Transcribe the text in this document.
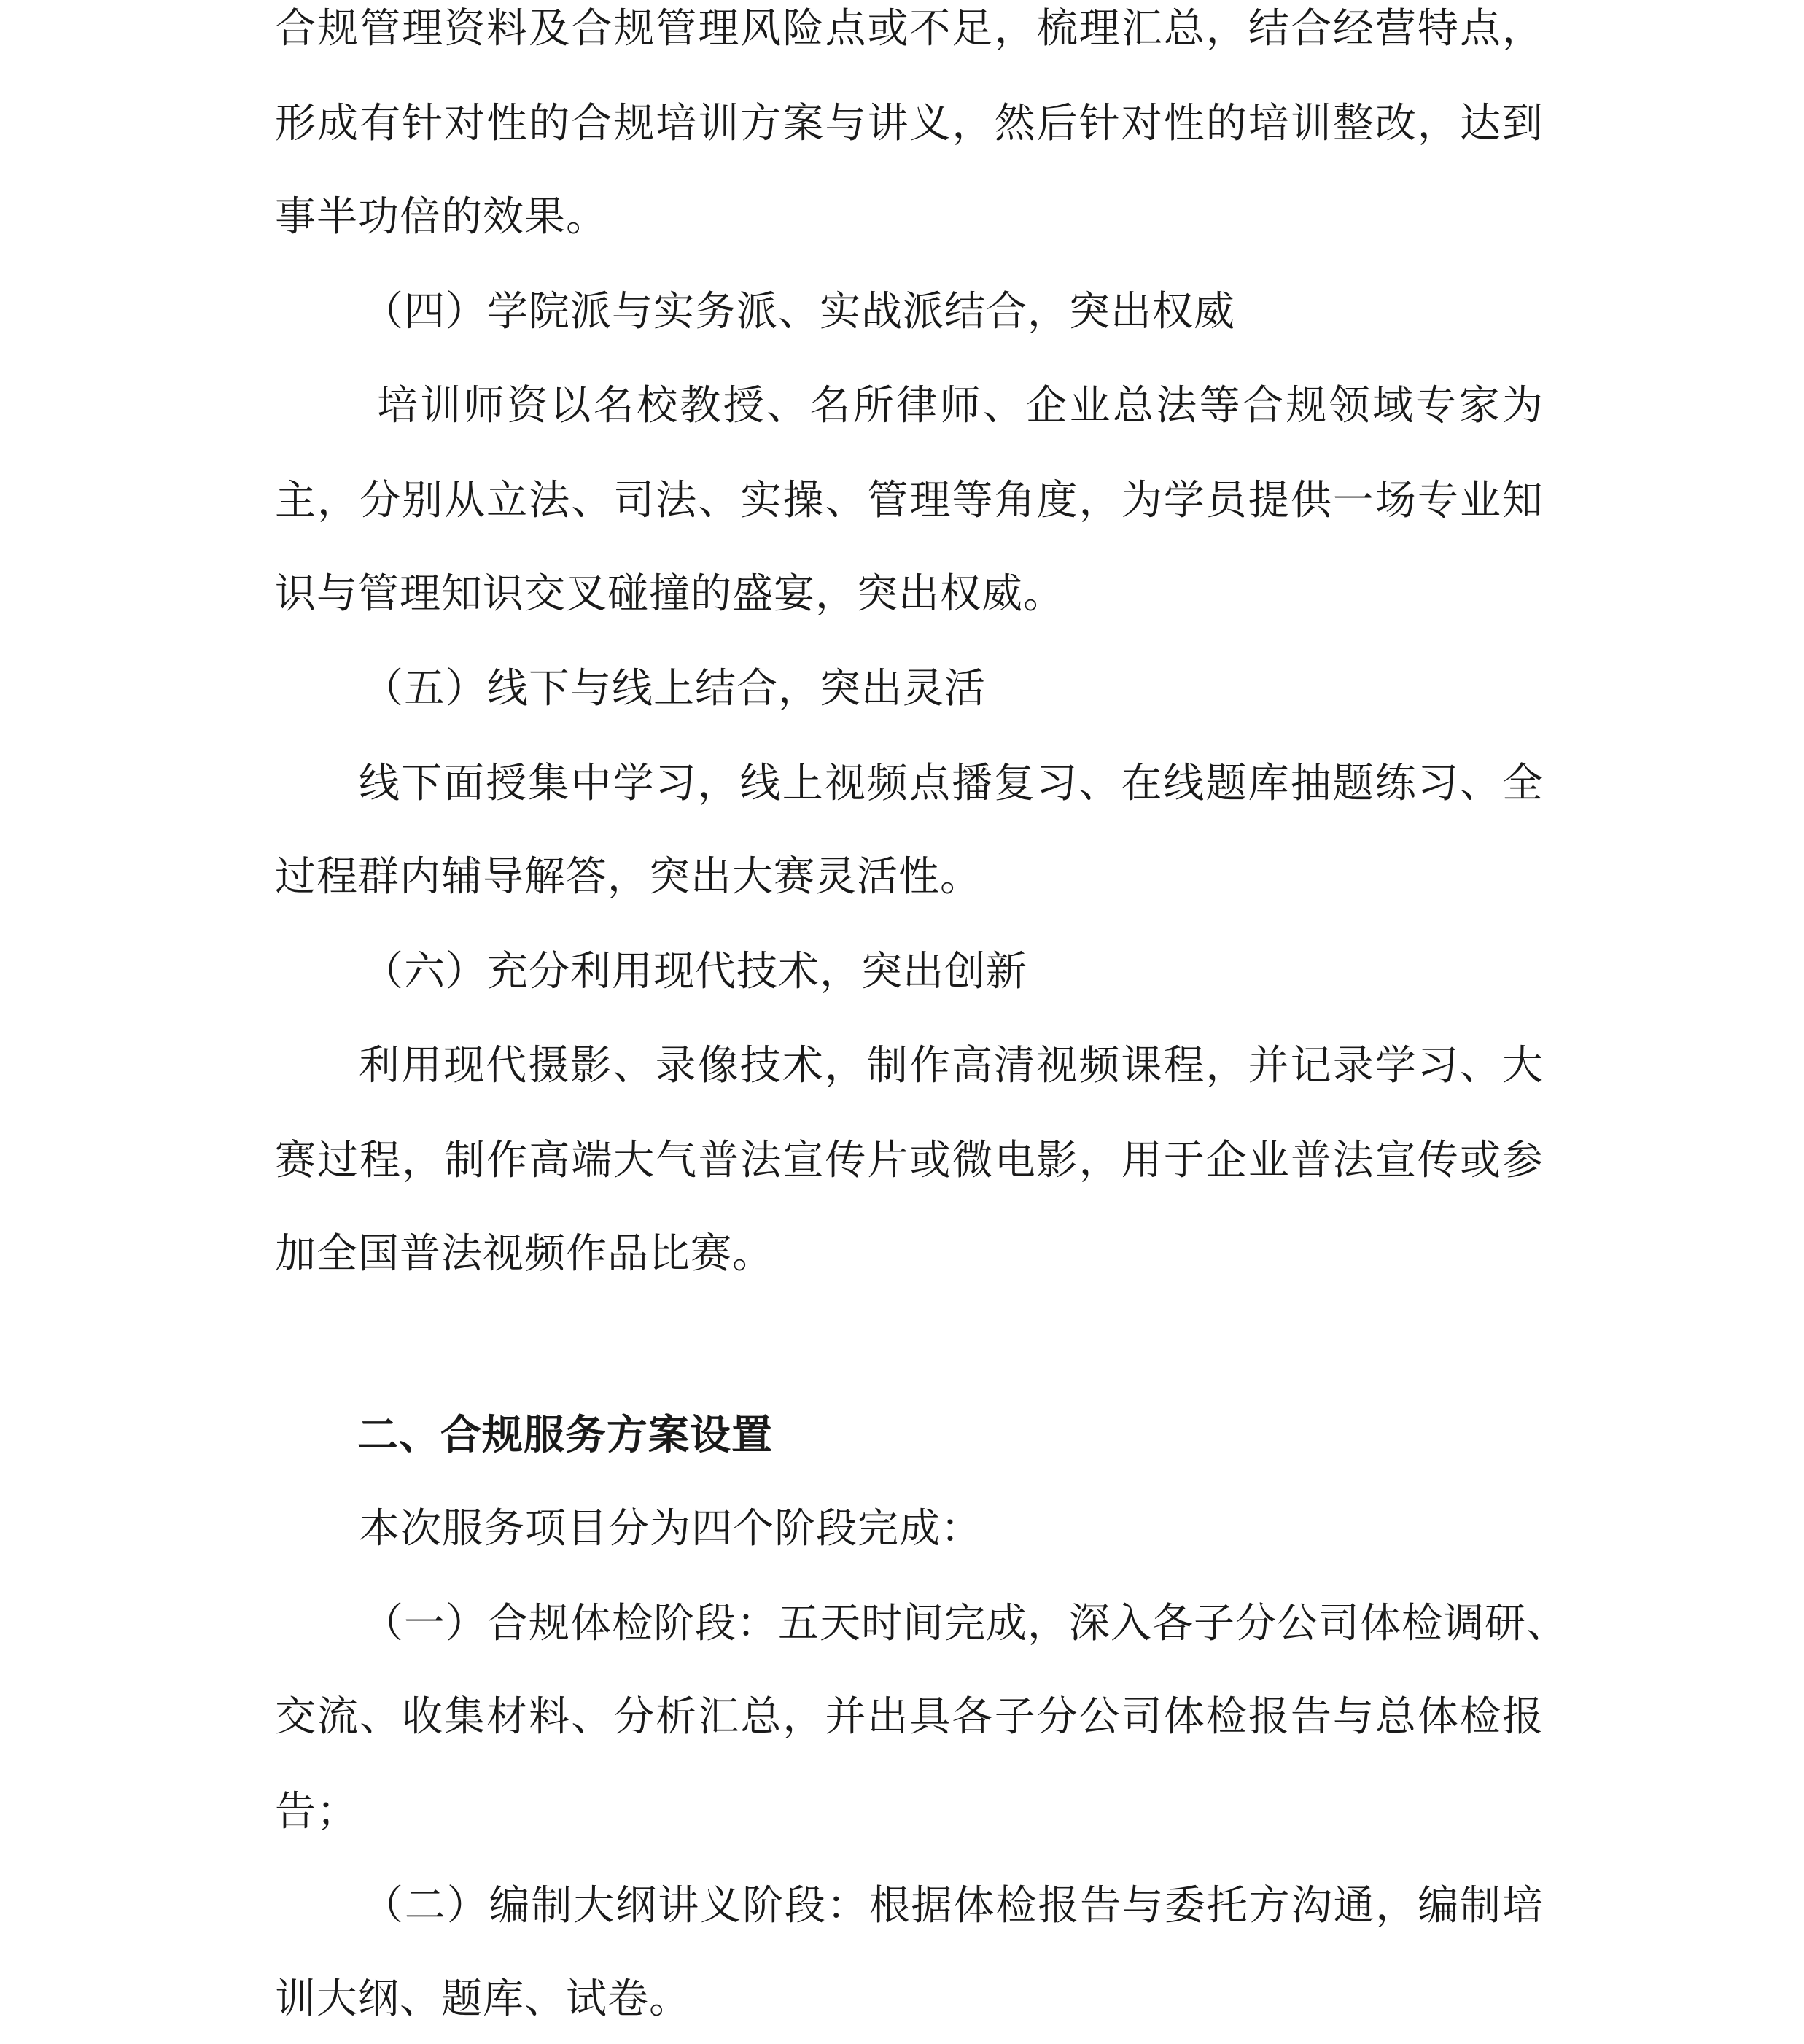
合规管理资料及合规管理风险点或不足，梳理汇总，结合经营特点，
形成有针对性的合规培训方案与讲义，然后针对性的培训整改，达到
事半功倍的效果。
（四）学院派与实务派、实战派结合，突出权威
培训师资以名校教授、名所律师、企业总法等合规领域专家为
主，分别从立法、司法、实操、管理等角度，为学员提供一场专业知
识与管理知识交叉碰撞的盛宴，突出权威。
（五）线下与线上结合，突出灵活
线下面授集中学习，线上视频点播复习、在线题库抽题练习、全
过程群内辅导解答，突出大赛灵活性。
（六）充分利用现代技术，突出创新
利用现代摄影、录像技术，制作高清视频课程，并记录学习、大
赛过程，制作高端大气普法宣传片或微电影，用于企业普法宣传或参
加全国普法视频作品比赛。
二、合规服务方案设置
本次服务项目分为四个阶段完成：
（一）合规体检阶段：五天时间完成，深入各子分公司体检调研、
交流、收集材料、分析汇总，并出具各子分公司体检报告与总体检报
告；
（二）编制大纲讲义阶段：根据体检报告与委托方沟通，编制培
训大纲、题库、试卷。
